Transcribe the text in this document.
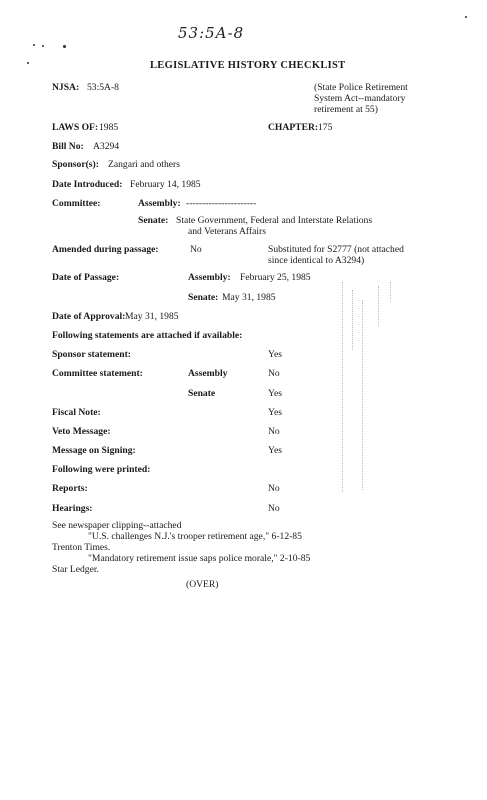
53:5A-8
LEGISLATIVE HISTORY CHECKLIST
NJSA: 53:5A-8	(State Police Retirement
System Act--mandatory
retirement at 55)
LAWS OF: 1985	CHAPTER: 175
Bill No: A3294
Sponsor(s): Zangari and others
Date Introduced: February 14, 1985
Committee:	Assembly: ----------------------
Senate: State Government, Federal and Interstate Relations
and Veterans Affairs
Amended during passage:	No	Substituted for S2777 (not attached
since identical to A3294)
Date of Passage:	Assembly: February 25, 1985
Senate: May 31, 1985
Date of Approval: May 31, 1985
Following statements are attached if available:
Sponsor statement:	Yes
Committee statement:	Assembly	No
Senate	Yes
Fiscal Note:	Yes
Veto Message:	No
Message on Signing:	Yes
Following were printed:
Reports:	No
Hearings:	No
See newspaper clipping--attached
"U.S. challenges N.J.'s trooper retirement age," 6-12-85
Trenton Times.
"Mandatory retirement issue saps police morale," 2-10-85
Star Ledger.
(OVER)
